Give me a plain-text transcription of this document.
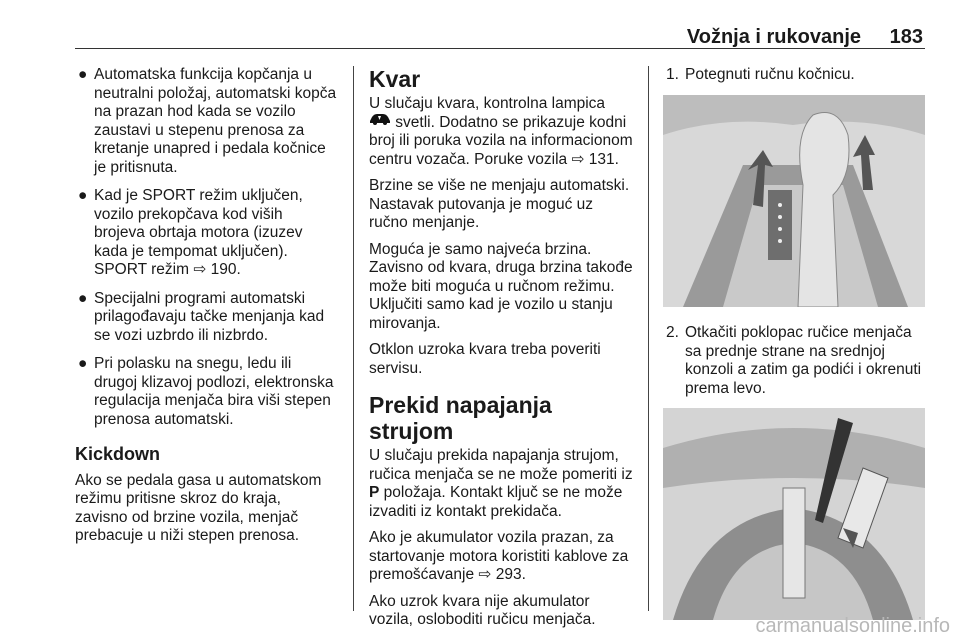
Vožnja i rukovanje 183
● Automatska funkcija kopčanja u neutralni položaj, automatski kopča na prazan hod kada se vozilo zaustavi u stepenu prenosa za kretanje unapred i pedala kočnice je pritisnuta.
● Kad je SPORT režim uključen, vozilo prekopčava kod viših brojeva obrtaja motora (izuzev kada je tempomat uključen). SPORT režim ⇨ 190.
● Specijalni programi automatski prilagođavaju tačke menjanja kad se vozi uzbrdo ili nizbrdo.
● Pri polasku na snegu, ledu ili drugoj klizavoj podlozi, elektronska regulacija menjača bira viši stepen prenosa automatski.
Kickdown

Ako se pedala gasa u automatskom režimu pritisne skroz do kraja, zavisno od brzine vozila, menjač prebacuje u niži stepen prenosa.

Kvar

U slučaju kvara, kontrolna lampica
svetli. Dodatno se prikazuje kodni broj ili poruka vozila na informacionom centru vozača. Poruke vozila ⇨ 131.

Brzine se više ne menjaju automatski. Nastavak putovanja je moguć uz ručno menjanje.

Moguća je samo najveća brzina. Zavisno od kvara, druga brzina takođe može biti moguća u ručnom režimu. Uključiti samo kad je vozilo u stanju mirovanja.

Otklon uzroka kvara treba poveriti servisu.

Prekid napajanja strujom

U slučaju prekida napajanja strujom, ručica menjača se ne može pomeriti iz P položaja. Kontakt ključ se ne može izvaditi iz kontakt prekidača.

Ako je akumulator vozila prazan, za startovanje motora koristiti kablove za premošćavanje ⇨ 293.

Ako uzrok kvara nije akumulator vozila, osloboditi ručicu menjača.

1. Potegnuti ručnu kočnicu.
2. Otkačiti poklopac ručice menjača sa prednje strane na srednjoj konzoli a zatim ga podići i okrenuti prema levo.
carmanualsonline.info
